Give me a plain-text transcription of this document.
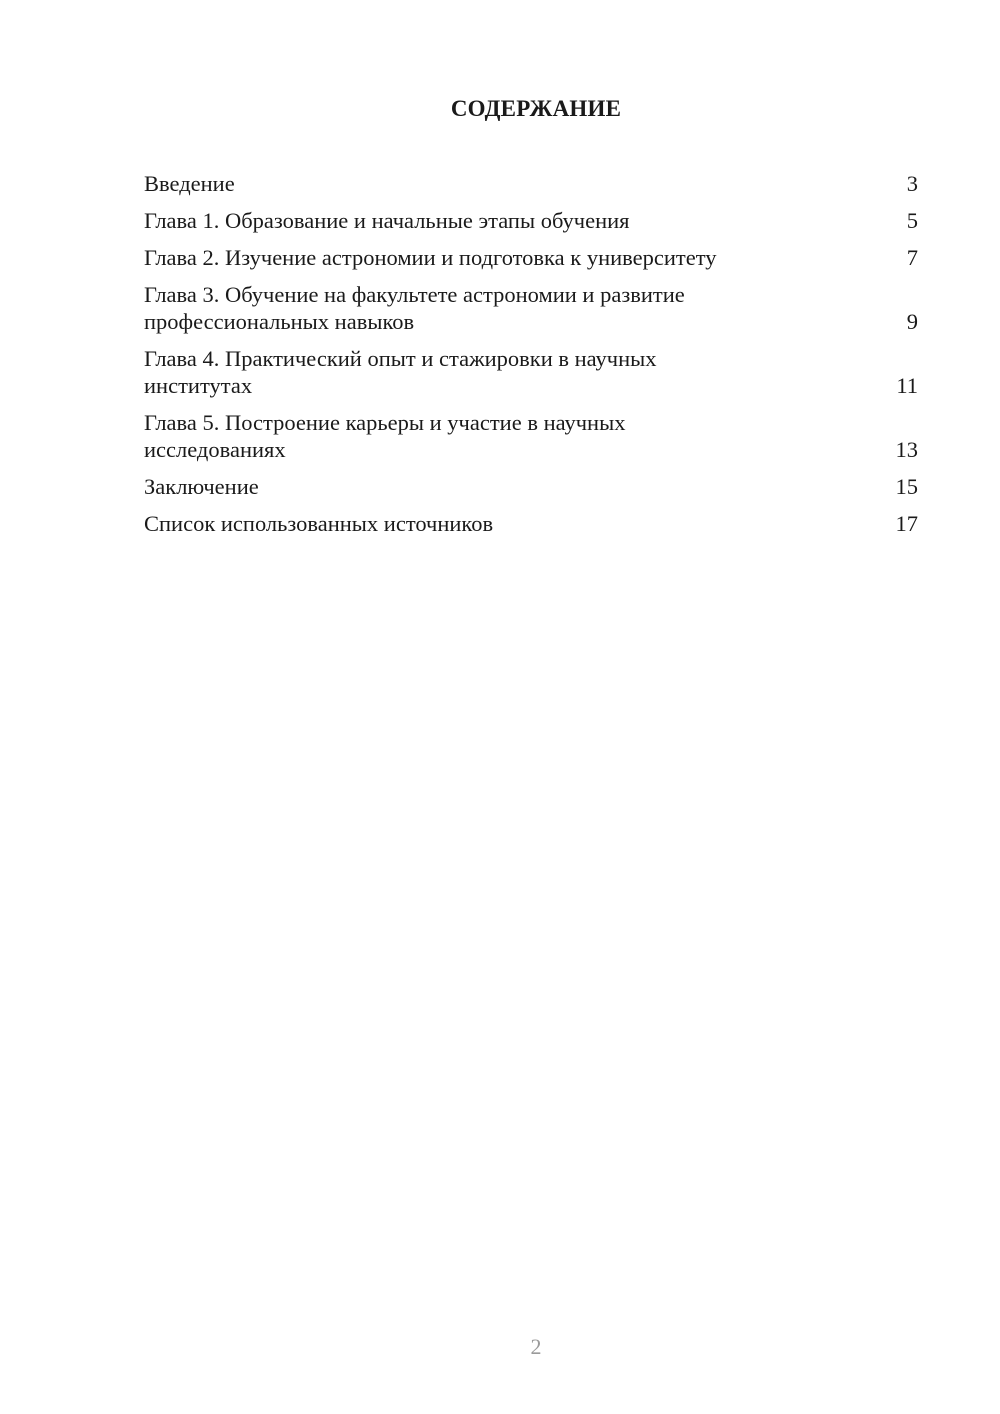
СОДЕРЖАНИЕ
Введение	3
Глава 1. Образование и начальные этапы обучения	5
Глава 2. Изучение астрономии и подготовка к университету	7
Глава 3. Обучение на факультете астрономии и развитие профессиональных навыков	9
Глава 4. Практический опыт и стажировки в научных институтах	11
Глава 5. Построение карьеры и участие в научных исследованиях	13
Заключение	15
Список использованных источников	17
2
